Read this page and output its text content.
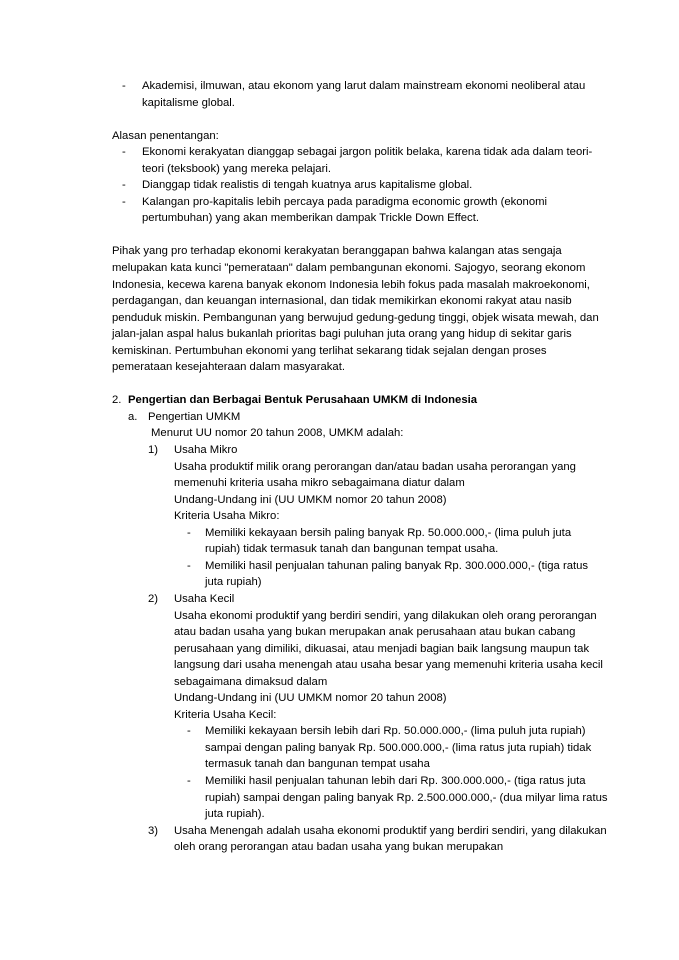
-	Akademisi, ilmuwan, atau ekonom yang larut dalam mainstream ekonomi neoliberal atau kapitalisme global.
Alasan penentangan:
-	Ekonomi kerakyatan dianggap sebagai jargon politik belaka, karena tidak ada dalam teori-teori (teksbook) yang mereka pelajari.
-	Dianggap tidak realistis di tengah kuatnya arus kapitalisme global.
-	Kalangan pro-kapitalis lebih percaya pada paradigma economic growth (ekonomi pertumbuhan) yang akan memberikan dampak Trickle Down Effect.
Pihak yang pro terhadap ekonomi kerakyatan beranggapan bahwa kalangan atas sengaja melupakan kata kunci "pemerataan" dalam pembangunan ekonomi. Sajogyo, seorang ekonom Indonesia, kecewa karena banyak ekonom Indonesia lebih fokus pada masalah makroekonomi, perdagangan, dan keuangan internasional, dan tidak memikirkan ekonomi rakyat atau nasib penduduk miskin. Pembangunan yang berwujud gedung-gedung tinggi, objek wisata mewah, dan jalan-jalan aspal halus bukanlah prioritas bagi puluhan juta orang yang hidup di sekitar garis kemiskinan. Pertumbuhan ekonomi yang terlihat sekarang tidak sejalan dengan proses pemerataan kesejahteraan dalam masyarakat.
2. Pengertian dan Berbagai Bentuk Perusahaan UMKM di Indonesia
a. Pengertian UMKM
Menurut UU nomor 20 tahun 2008, UMKM adalah:
1)	Usaha Mikro
Usaha produktif milik orang perorangan dan/atau badan usaha perorangan yang memenuhi kriteria usaha mikro sebagaimana diatur dalam
Undang-Undang ini (UU UMKM nomor 20 tahun 2008)
Kriteria Usaha Mikro:
-	Memiliki kekayaan bersih paling banyak Rp. 50.000.000,- (lima puluh juta rupiah) tidak termasuk tanah dan bangunan tempat usaha.
-	Memiliki hasil penjualan tahunan paling banyak Rp. 300.000.000,- (tiga ratus juta rupiah)
2)	Usaha Kecil
Usaha ekonomi produktif yang berdiri sendiri, yang dilakukan oleh orang perorangan atau badan usaha yang bukan merupakan anak perusahaan atau bukan cabang perusahaan yang dimiliki, dikuasai, atau menjadi bagian baik langsung maupun tak langsung dari usaha menengah atau usaha besar yang memenuhi kriteria usaha kecil sebagaimana dimaksud dalam
Undang-Undang ini (UU UMKM nomor 20 tahun 2008)
Kriteria Usaha Kecil:
-	Memiliki kekayaan bersih lebih dari Rp. 50.000.000,- (lima puluh juta rupiah) sampai dengan paling banyak Rp. 500.000.000,- (lima ratus juta rupiah) tidak termasuk tanah dan bangunan tempat usaha
-	Memiliki hasil penjualan tahunan lebih dari Rp. 300.000.000,- (tiga ratus juta rupiah) sampai dengan paling banyak Rp. 2.500.000.000,- (dua milyar lima ratus juta rupiah).
3)	Usaha Menengah adalah usaha ekonomi produktif yang berdiri sendiri, yang dilakukan oleh orang perorangan atau badan usaha yang bukan merupakan
